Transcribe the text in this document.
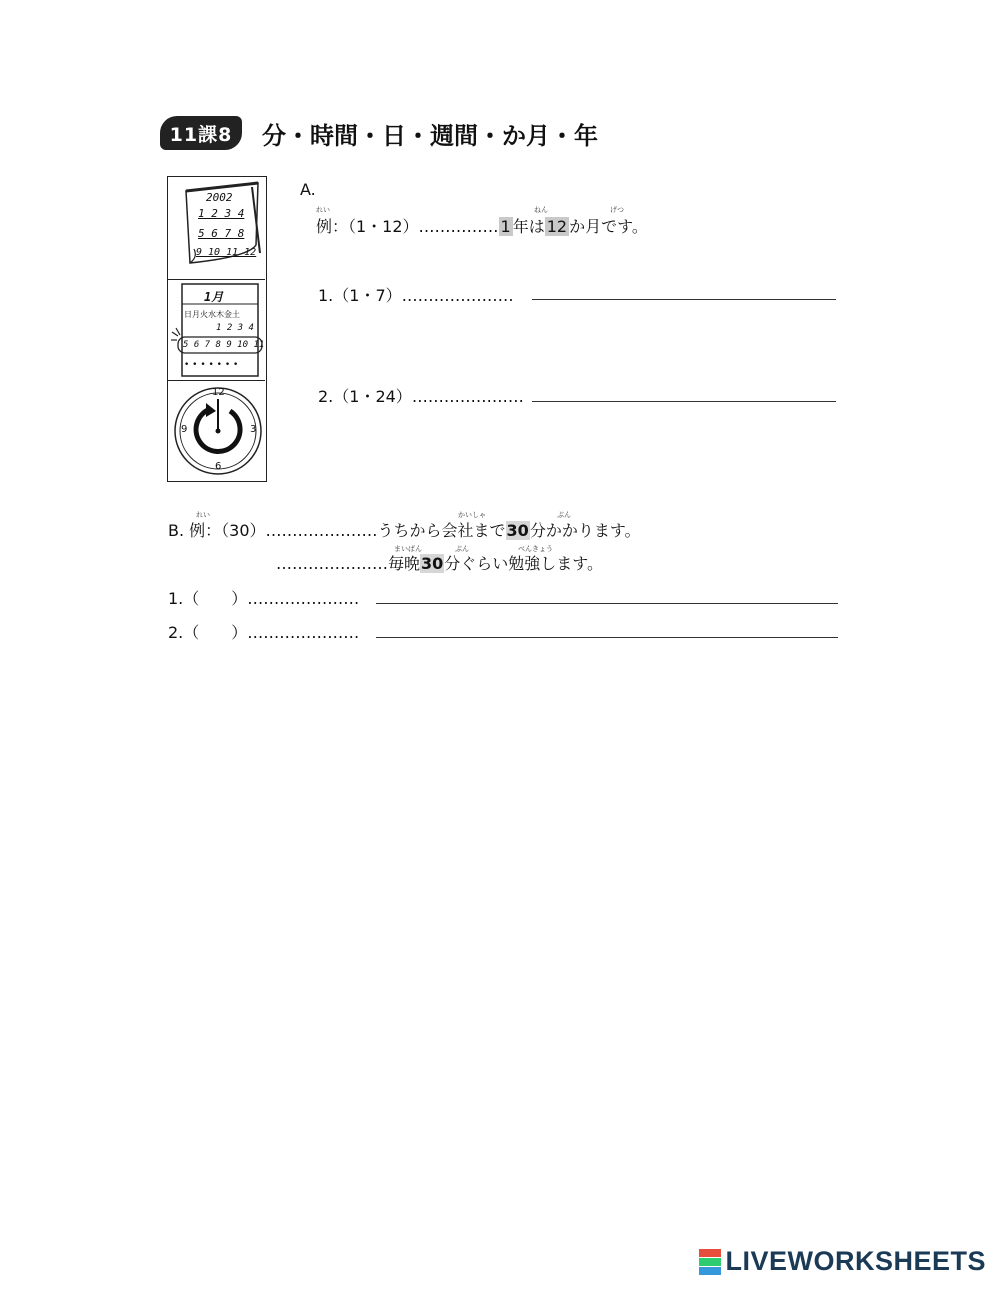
11課8	分・時間・日・週間・か月・年
2002
1 2 3 4
5 6 7 8
9 10 11 12
1月
日月火水木金土
1 2 3 4
5 6 7 8 9 10 11
• • • • • • •
12
3
6
9
A.
れい	ねん	げつ
例：（1・12）…………… 1 年は 12 か月です。
1.（1・7）…………………
2.（1・24）…………………
れい	かいしゃ	ぷん
B. 例：（30）…………………うちから会社まで30分かかります。
まいばん	ぷん	べんきょう
…………………毎晩30分ぐらい勉強します。
1.（　　）…………………
2.（　　）…………………
LIVEWORKSHEETS
